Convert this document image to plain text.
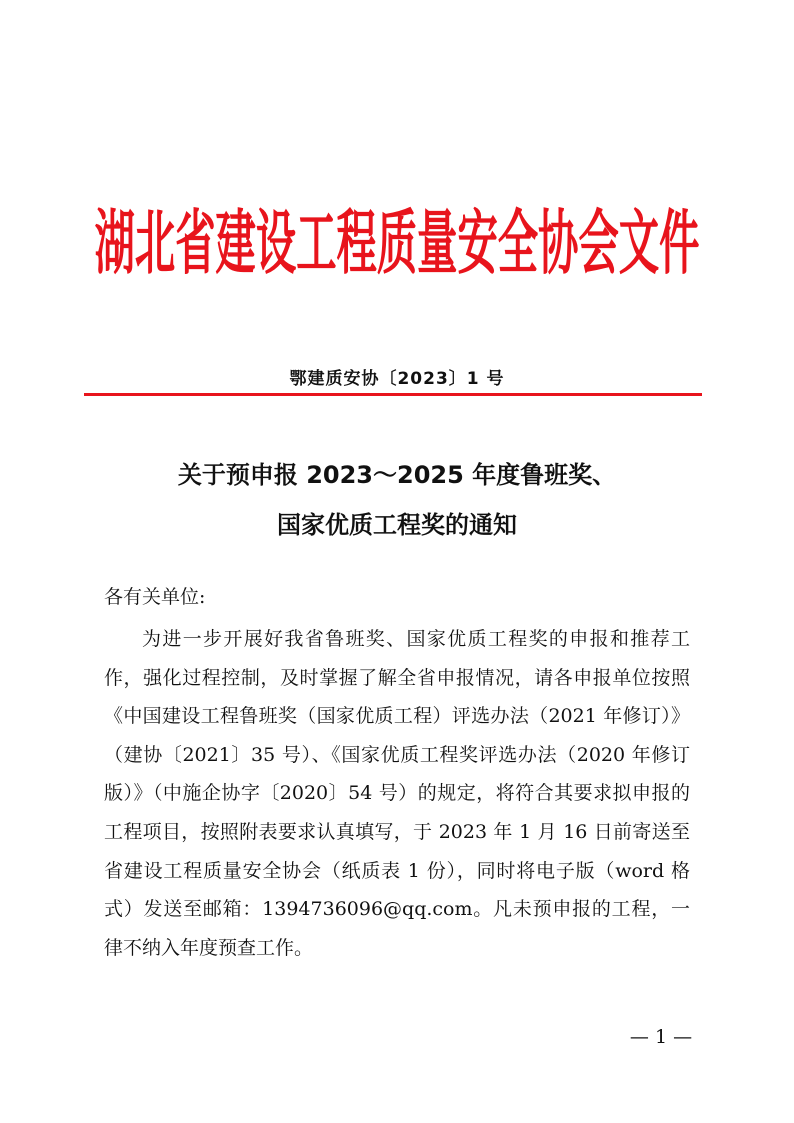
湖北省建设工程质量安全协会文件
鄂建质安协〔2023〕1 号
关于预申报 2023～2025 年度鲁班奖、
国家优质工程奖的通知
各有关单位:

为进一步开展好我省鲁班奖、国家优质工程奖的申报和推荐工作，强化过程控制，及时掌握了解全省申报情况，请各申报单位按照《中国建设工程鲁班奖（国家优质工程）评选办法（2021 年修订）》（建协〔2021〕35 号）、《国家优质工程奖评选办法（2020 年修订版）》（中施企协字〔2020〕54 号）的规定，将符合其要求拟申报的工程项目，按照附表要求认真填写，于 2023 年 1 月 16 日前寄送至省建设工程质量安全协会（纸质表 1 份），同时将电子版（word 格式）发送至邮箱：1394736096@qq.com。凡未预申报的工程，一律不纳入年度预查工作。

— 1 —
